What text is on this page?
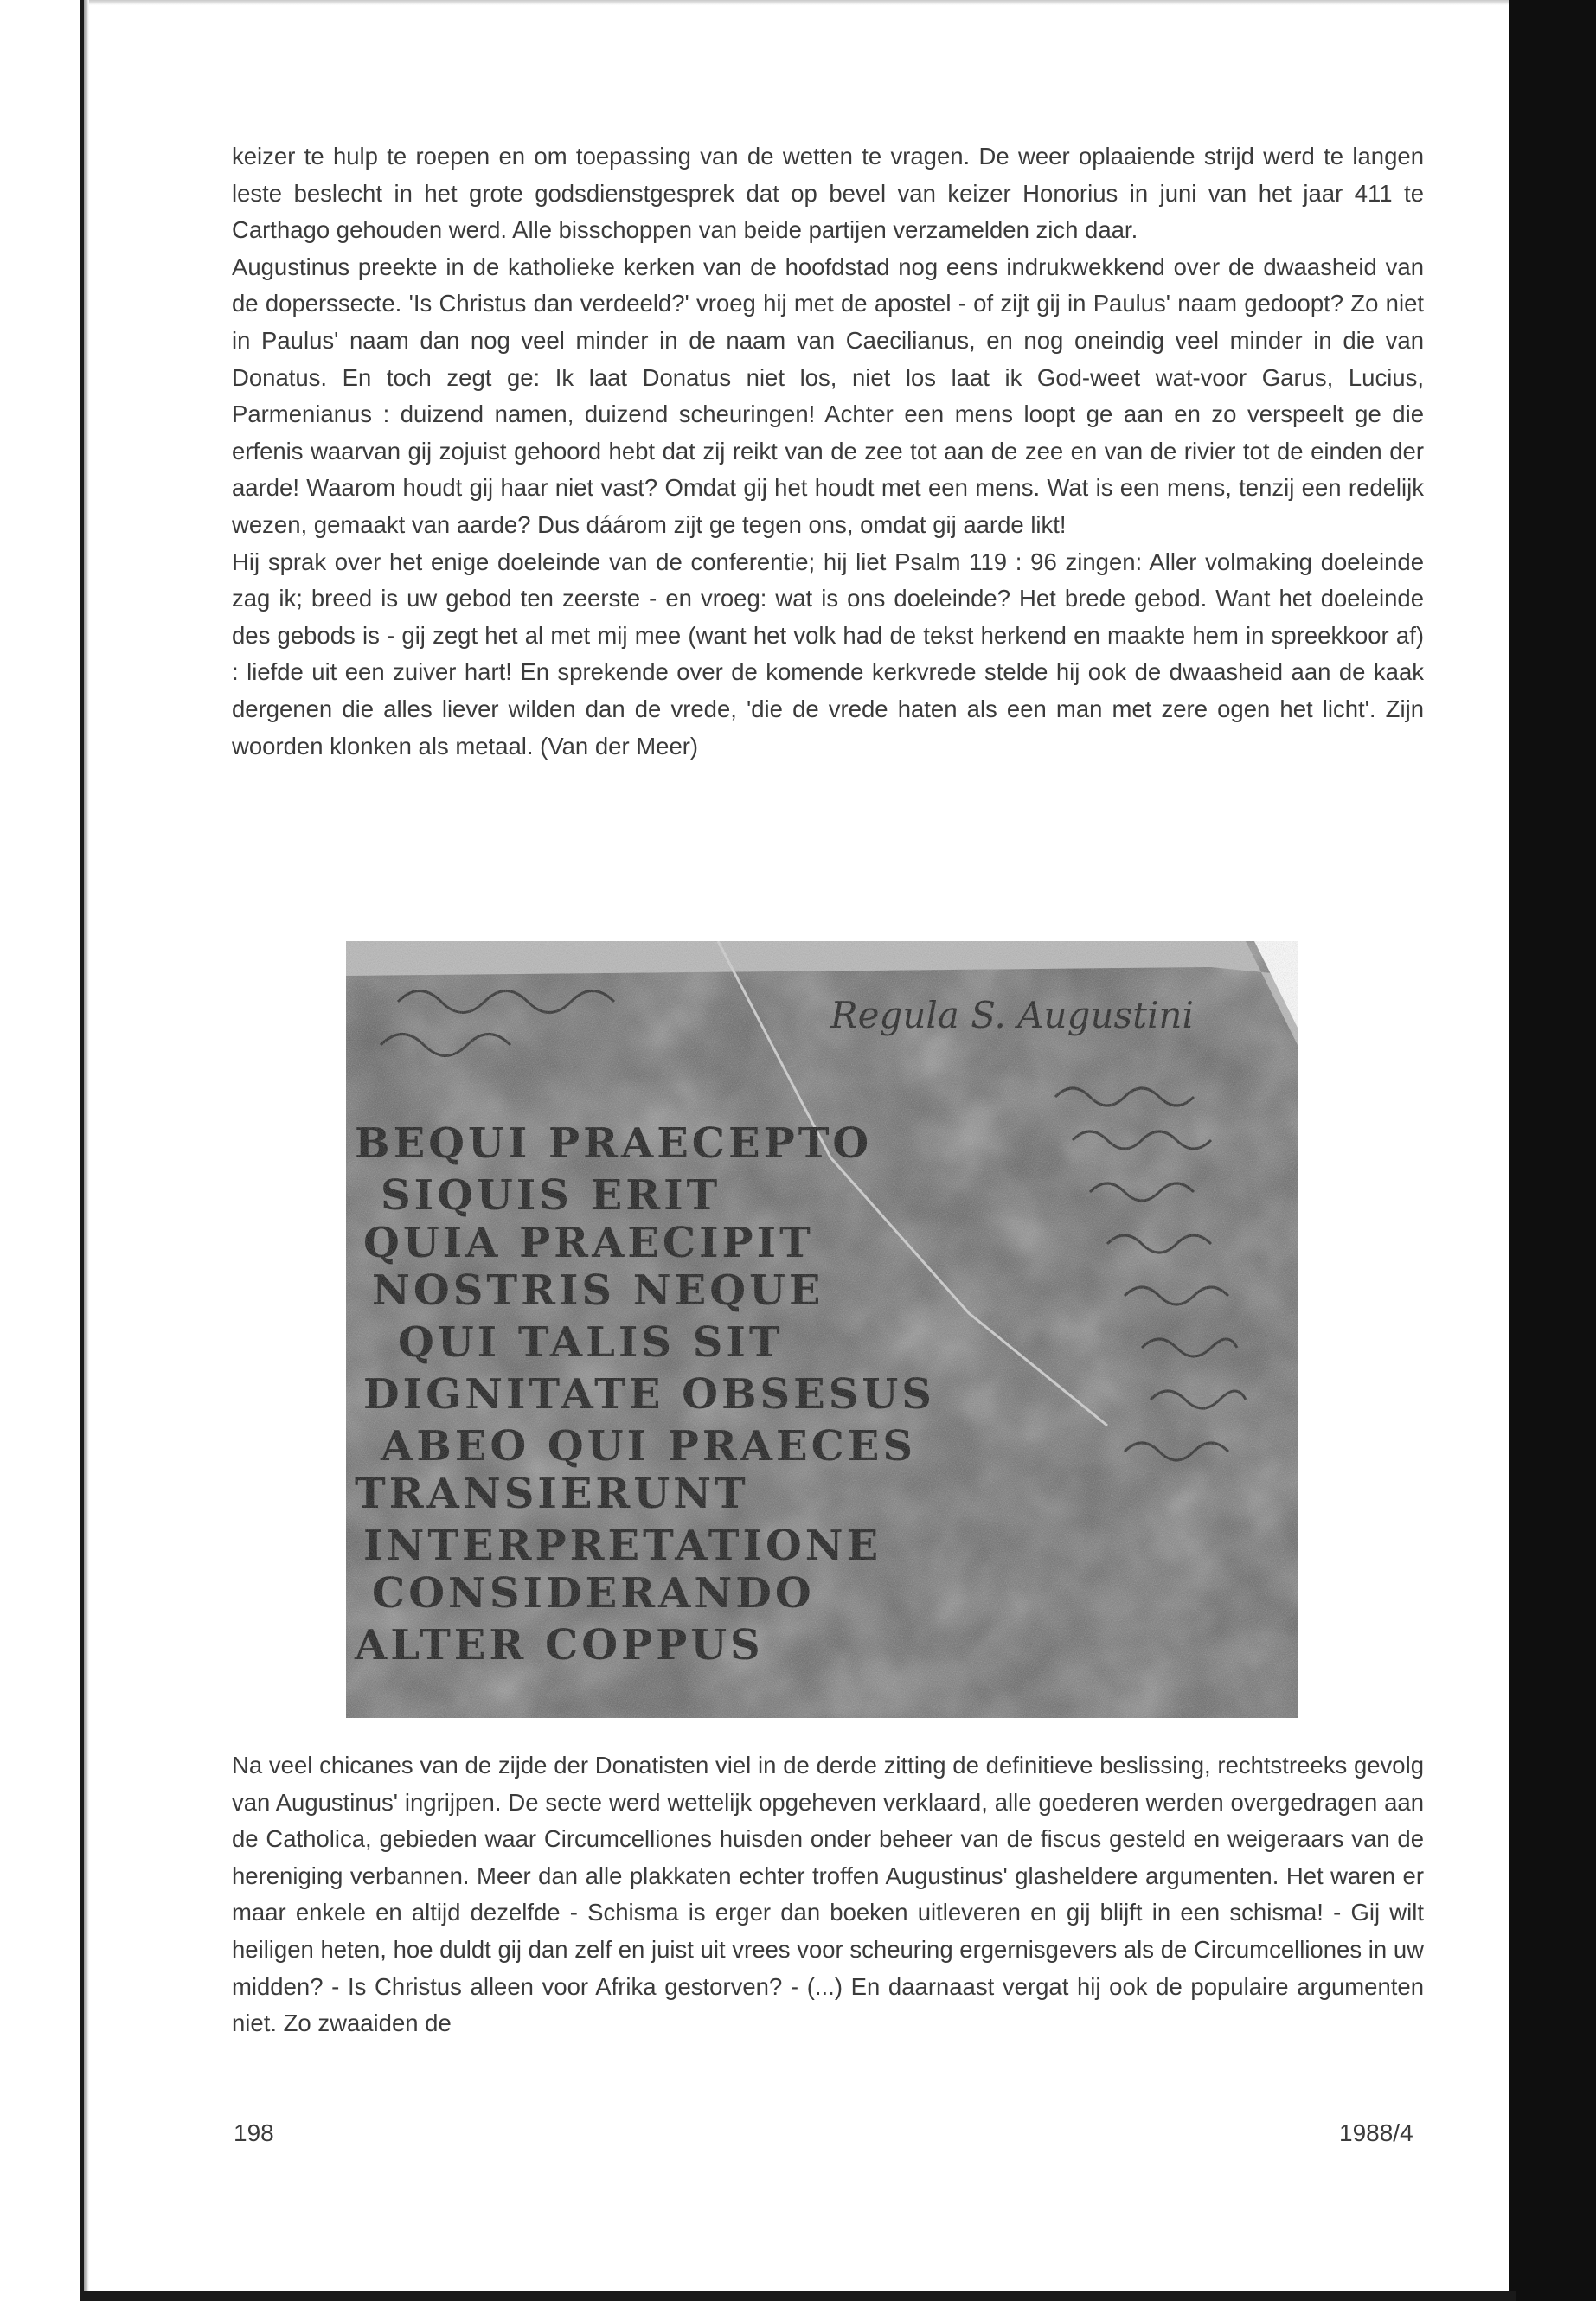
keizer te hulp te roepen en om toepassing van de wetten te vragen. De weer oplaaiende strijd werd te langen leste beslecht in het grote godsdienstgesprek dat op bevel van keizer Honorius in juni van het jaar 411 te Carthago gehouden werd. Alle bisschoppen van beide partijen verzamelden zich daar.

Augustinus preekte in de katholieke kerken van de hoofdstad nog eens indrukwekkend over de dwaasheid van de doperssecte. 'Is Christus dan verdeeld?' vroeg hij met de apostel - of zijt gij in Paulus' naam gedoopt? Zo niet in Paulus' naam dan nog veel minder in de naam van Caecilianus, en nog oneindig veel minder in die van Donatus. En toch zegt ge: Ik laat Donatus niet los, niet los laat ik God-weet wat-voor Garus, Lucius, Parmenianus : duizend namen, duizend scheuringen! Achter een mens loopt ge aan en zo verspeelt ge die erfenis waarvan gij zojuist gehoord hebt dat zij reikt van de zee tot aan de zee en van de rivier tot de einden der aarde! Waarom houdt gij haar niet vast? Omdat gij het houdt met een mens. Wat is een mens, tenzij een redelijk wezen, gemaakt van aarde? Dus dáárom zijt ge tegen ons, omdat gij aarde likt!

Hij sprak over het enige doeleinde van de conferentie; hij liet Psalm 119 : 96 zingen: Aller volmaking doeleinde zag ik; breed is uw gebod ten zeerste - en vroeg: wat is ons doeleinde? Het brede gebod. Want het doeleinde des gebods is - gij zegt het al met mij mee (want het volk had de tekst herkend en maakte hem in spreekkoor af) : liefde uit een zuiver hart! En sprekende over de komende kerkvrede stelde hij ook de dwaasheid aan de kaak dergenen die alles liever wilden dan de vrede, 'die de vrede haten als een man met zere ogen het licht'. Zijn woorden klonken als metaal. (Van der Meer)

Na veel chicanes van de zijde der Donatisten viel in de derde zitting de definitieve beslissing, rechtstreeks gevolg van Augustinus' ingrijpen. De secte werd wettelijk opgeheven verklaard, alle goederen werden overgedragen aan de Catholica, gebieden waar Circumcelliones huisden onder beheer van de fiscus gesteld en weigeraars van de hereniging verbannen. Meer dan alle plakkaten echter troffen Augustinus' glasheldere argumenten. Het waren er maar enkele en altijd dezelfde - Schisma is erger dan boeken uitleveren en gij blijft in een schisma! - Gij wilt heiligen heten, hoe duldt gij dan zelf en juist uit vrees voor scheuring ergernisgevers als de Circumcelliones in uw midden? - Is Christus alleen voor Afrika gestorven? - (...) En daarnaast vergat hij ook de populaire argumenten niet. Zo zwaaiden de

198	1988/4
